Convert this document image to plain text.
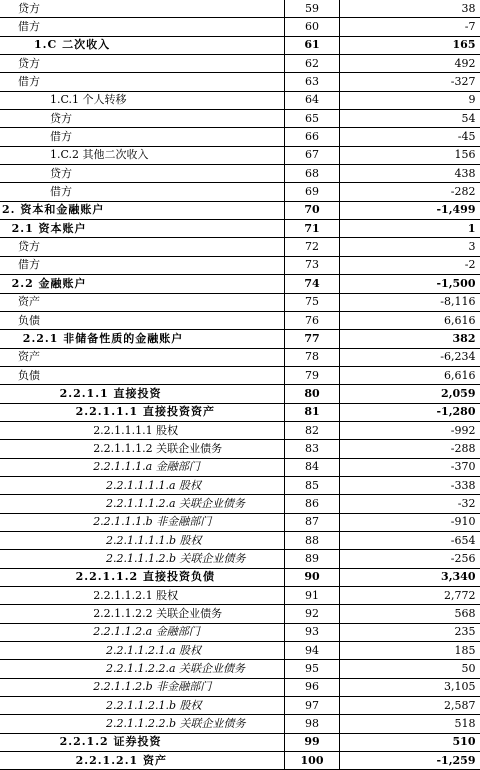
贷方	59	38
借方	60	-7
1.C 二次收入	61	165
贷方	62	492
借方	63	-327
1.C.1 个人转移	64	9
贷方	65	54
借方	66	-45
1.C.2 其他二次收入	67	156
贷方	68	438
借方	69	-282
2. 资本和金融账户	70	-1,499
2.1 资本账户	71	1
贷方	72	3
借方	73	-2
2.2 金融账户	74	-1,500
资产	75	-8,116
负债	76	6,616
2.2.1 非储备性质的金融账户	77	382
资产	78	-6,234
负债	79	6,616
2.2.1.1 直接投资	80	2,059
2.2.1.1.1 直接投资资产	81	-1,280
2.2.1.1.1.1 股权	82	-992
2.2.1.1.1.2 关联企业债务	83	-288
2.2.1.1.1.a 金融部门	84	-370
2.2.1.1.1.1.a 股权	85	-338
2.2.1.1.1.2.a 关联企业债务	86	-32
2.2.1.1.1.b 非金融部门	87	-910
2.2.1.1.1.1.b 股权	88	-654
2.2.1.1.1.2.b 关联企业债务	89	-256
2.2.1.1.2 直接投资负债	90	3,340
2.2.1.1.2.1 股权	91	2,772
2.2.1.1.2.2 关联企业债务	92	568
2.2.1.1.2.a 金融部门	93	235
2.2.1.1.2.1.a 股权	94	185
2.2.1.1.2.2.a 关联企业债务	95	50
2.2.1.1.2.b 非金融部门	96	3,105
2.2.1.1.2.1.b 股权	97	2,587
2.2.1.1.2.2.b 关联企业债务	98	518
2.2.1.2 证券投资	99	510
2.2.1.2.1 资产	100	-1,259
